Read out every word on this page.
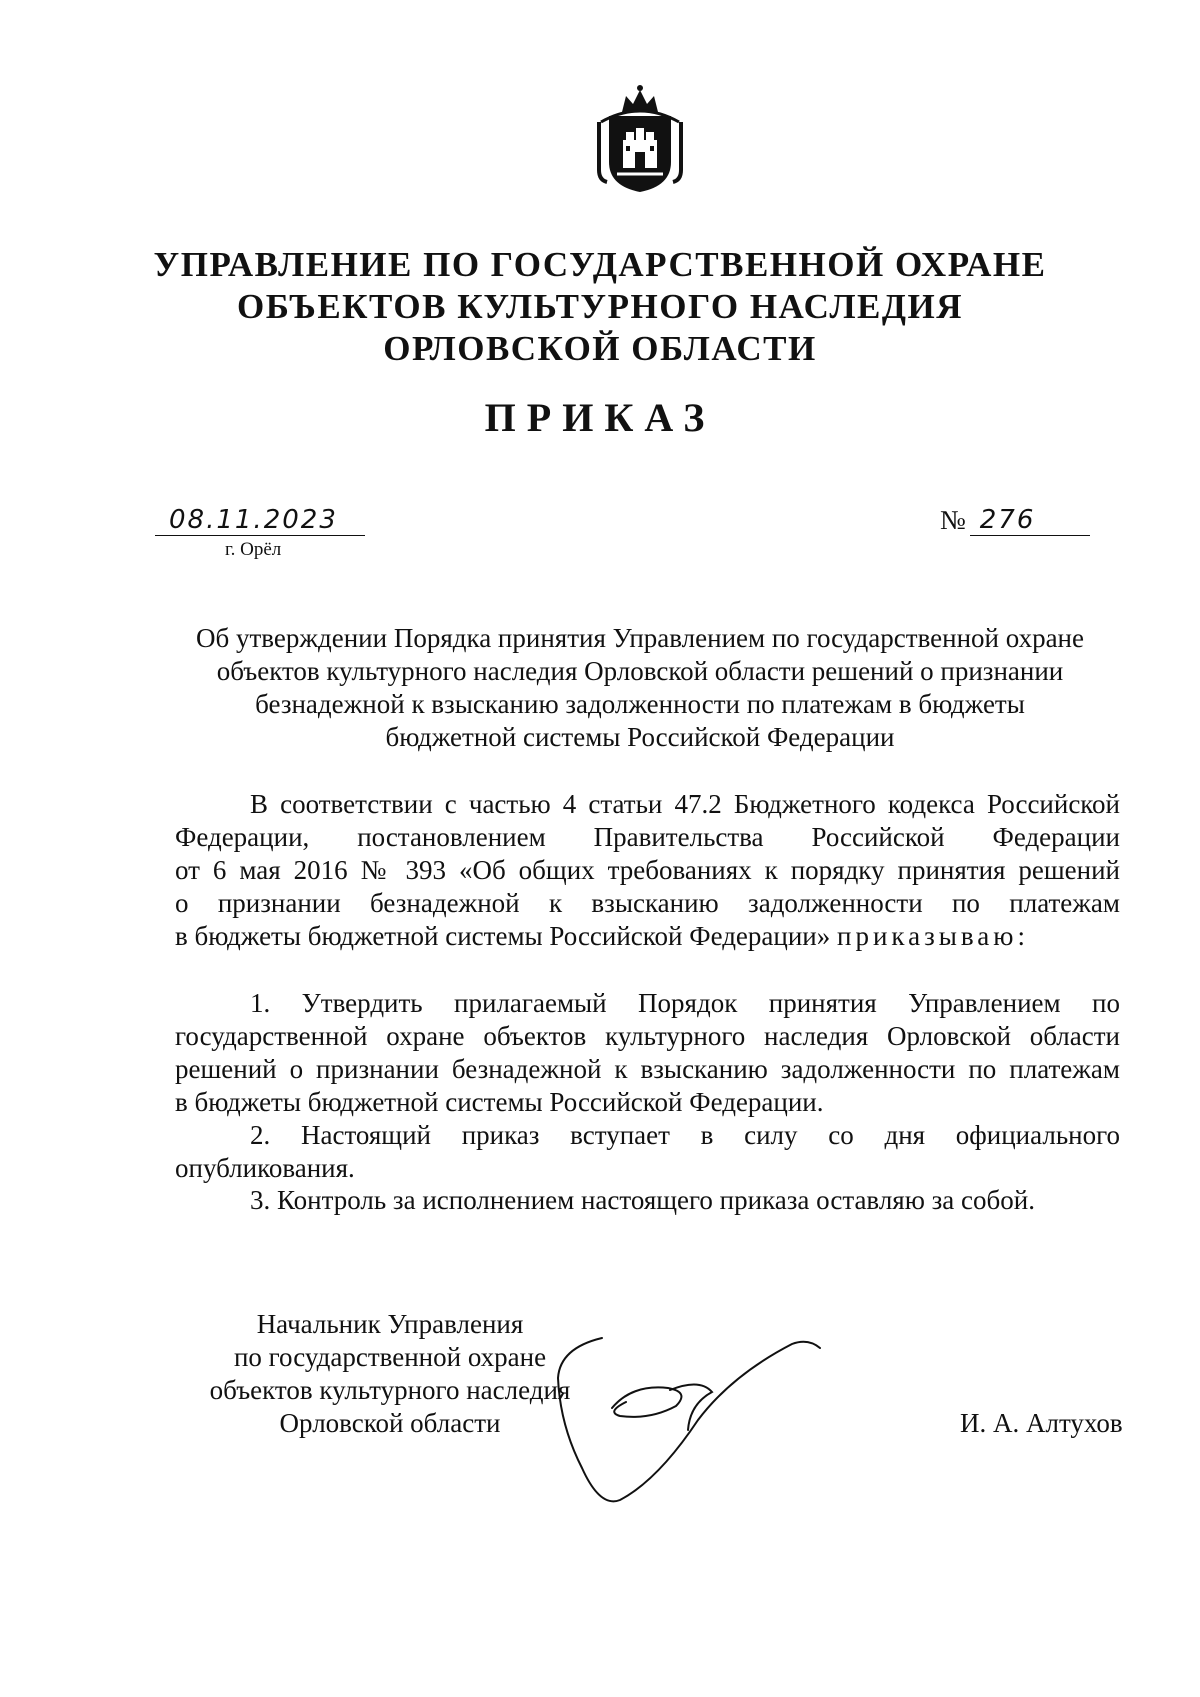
УПРАВЛЕНИЕ ПО ГОСУДАРСТВЕННОЙ ОХРАНЕ
ОБЪЕКТОВ КУЛЬТУРНОГО НАСЛЕДИЯ
ОРЛОВСКОЙ ОБЛАСТИ
ПРИКАЗ
08.11.2023
г. Орёл
№ 276
Об утверждении Порядка принятия Управлением по государственной охране
объектов культурного наследия Орловской области решений о признании
безнадежной к взысканию задолженности по платежам в бюджеты
бюджетной системы Российской Федерации
В соответствии с частью 4 статьи 47.2 Бюджетного кодекса Российской
Федерации, постановлением Правительства Российской Федерации
от 6 мая 2016 № 393 «Об общих требованиях к порядку принятия решений
о признании безнадежной к взысканию задолженности по платежам
в бюджеты бюджетной системы Российской Федерации» приказываю:
1. Утвердить прилагаемый Порядок принятия Управлением по
государственной охране объектов культурного наследия Орловской области
решений о признании безнадежной к взысканию задолженности по платежам
в бюджеты бюджетной системы Российской Федерации.
2. Настоящий приказ вступает в силу со дня официального
опубликования.
3. Контроль за исполнением настоящего приказа оставляю за собой.
Начальник Управления
по государственной охране
объектов культурного наследия
Орловской области	И. А. Алтухов
